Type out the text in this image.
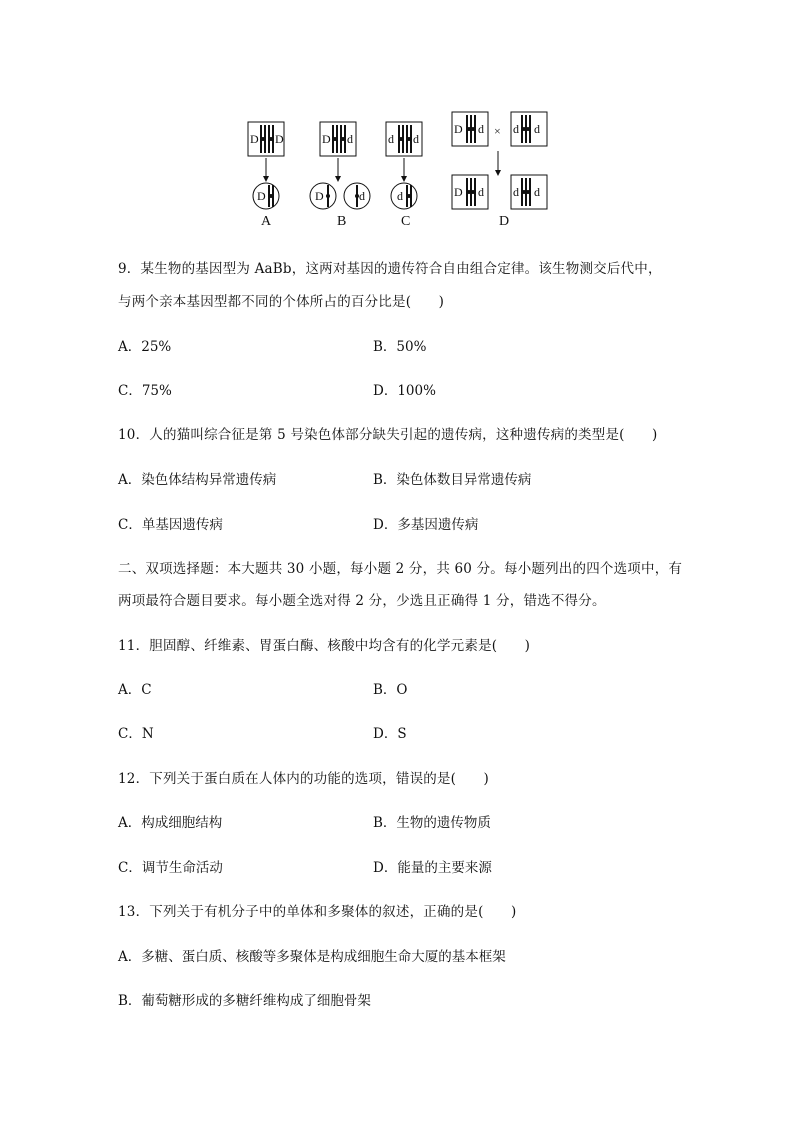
D D	D d	d d
D	D	d	d
D d d d
D d d d
×
A	B	C	D
9．某生物的基因型为 AaBb，这两对基因的遗传符合自由组合定律。该生物测交后代中，
与两个亲本基因型都不同的个体所占的百分比是(　　)
A．25%	B．50%
C．75%	D．100%
10．人的猫叫综合征是第 5 号染色体部分缺失引起的遗传病，这种遗传病的类型是(　　)
A．染色体结构异常遗传病	B．染色体数目异常遗传病
C．单基因遗传病	D．多基因遗传病
二、双项选择题：本大题共 30 小题，每小题 2 分，共 60 分。每小题列出的四个选项中，有
两项最符合题目要求。每小题全选对得 2 分，少选且正确得 1 分，错选不得分。
11．胆固醇、纤维素、胃蛋白酶、核酸中均含有的化学元素是(　　)
A．C	B．O
C．N	D．S
12．下列关于蛋白质在人体内的功能的选项，错误的是(　　)
A．构成细胞结构	B．生物的遗传物质
C．调节生命活动	D．能量的主要来源
13．下列关于有机分子中的单体和多聚体的叙述，正确的是(　　)
A．多糖、蛋白质、核酸等多聚体是构成细胞生命大厦的基本框架
B．葡萄糖形成的多糖纤维构成了细胞骨架
